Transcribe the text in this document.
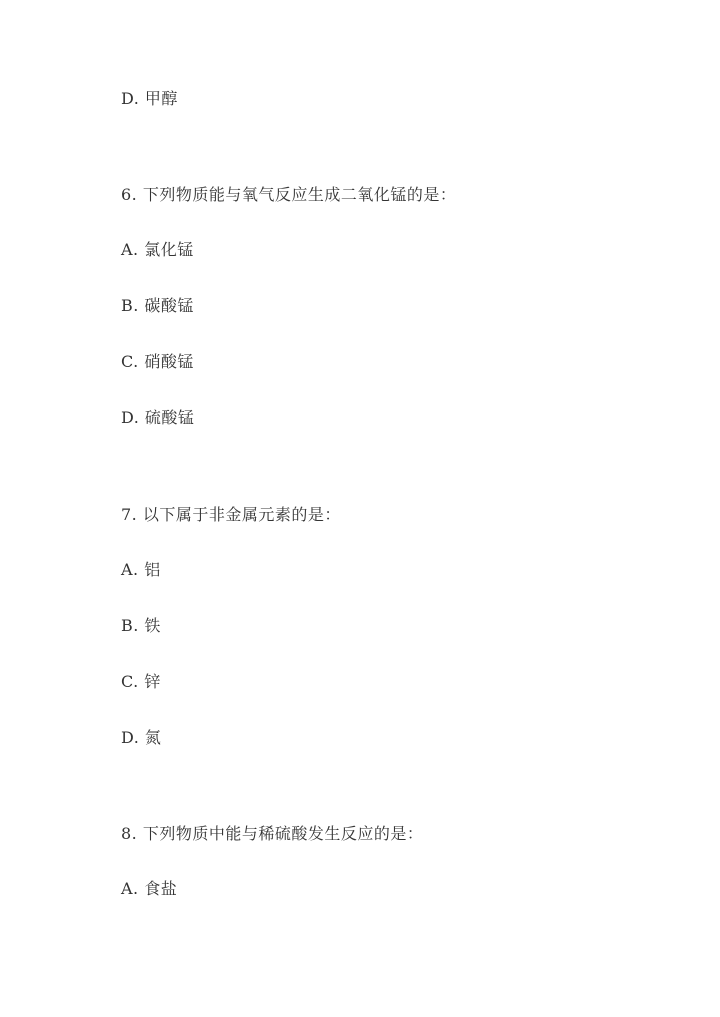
D. 甲醇
6. 下列物质能与氧气反应生成二氧化锰的是：
A. 氯化锰
B. 碳酸锰
C. 硝酸锰
D. 硫酸锰
7. 以下属于非金属元素的是：
A. 铝
B. 铁
C. 锌
D. 氮
8. 下列物质中能与稀硫酸发生反应的是：
A. 食盐
